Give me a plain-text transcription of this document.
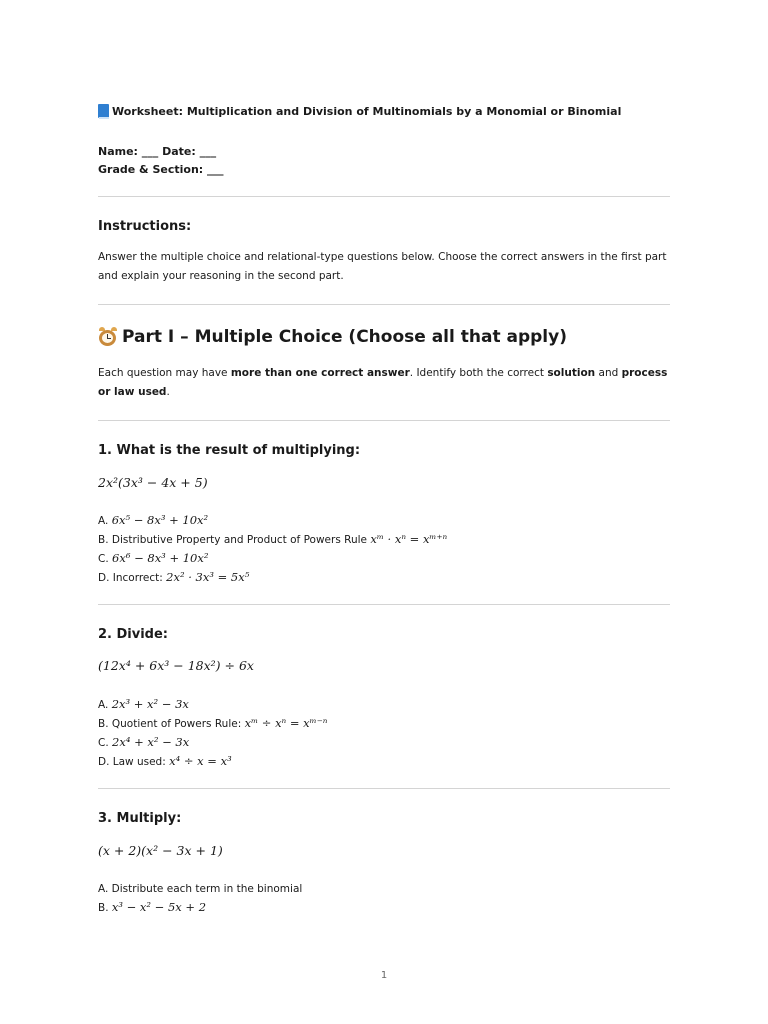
Worksheet: Multiplication and Division of Multinomials by a Monomial or Binomial
Name: ___ Date: ___
Grade & Section: ___
Instructions:
Answer the multiple choice and relational-type questions below. Choose the correct answers in the first part and explain your reasoning in the second part.
Part I – Multiple Choice (Choose all that apply)
Each question may have more than one correct answer. Identify both the correct solution and process or law used.
1. What is the result of multiplying:
2x²(3x³ − 4x + 5)
A. 6x⁵ − 8x³ + 10x²
B. Distributive Property and Product of Powers Rule xᵐ · xⁿ = xᵐ⁺ⁿ
C. 6x⁶ − 8x³ + 10x²
D. Incorrect: 2x² · 3x³ = 5x⁵
2. Divide:
(12x⁴ + 6x³ − 18x²) ÷ 6x
A. 2x³ + x² − 3x
B. Quotient of Powers Rule: xᵐ ÷ xⁿ = xᵐ⁻ⁿ
C. 2x⁴ + x² − 3x
D. Law used: x⁴ ÷ x = x³
3. Multiply:
(x + 2)(x² − 3x + 1)
A. Distribute each term in the binomial
B. x³ − x² − 5x + 2
1
